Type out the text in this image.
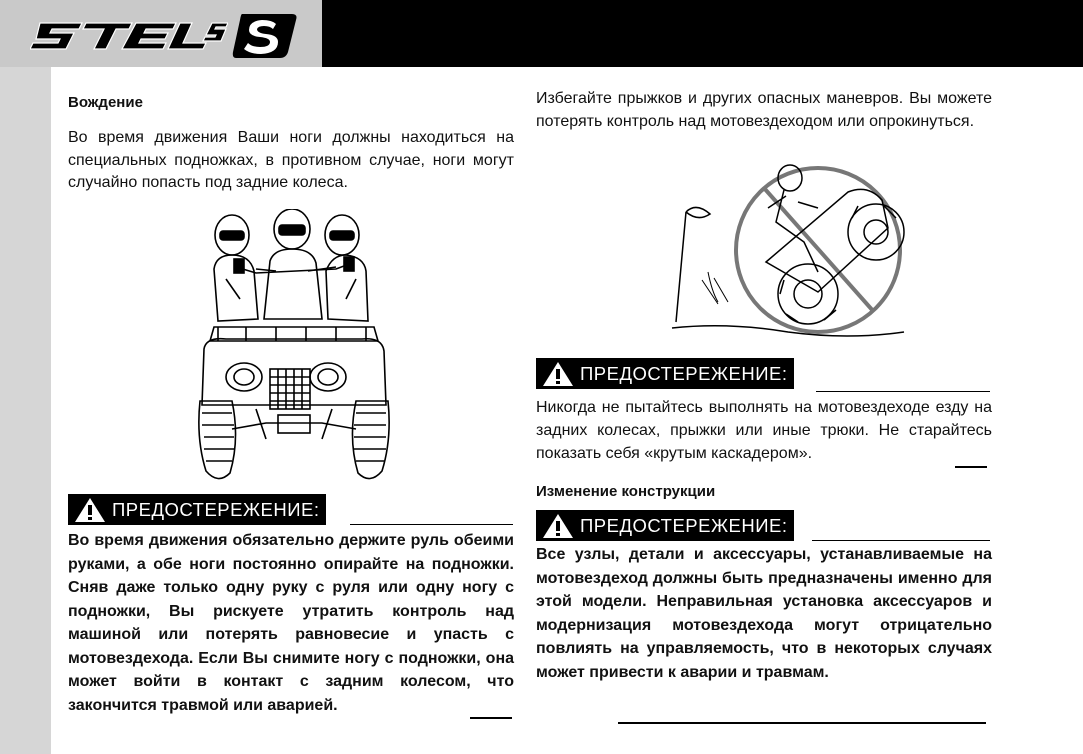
Вождение
Во время движения Ваши ноги должны находиться на специальных подножках, в противном случае, ноги могут случайно попасть под задние колеса.
ПРЕДОСТЕРЕЖЕНИЕ:
Во время движения обязательно держите руль обеими руками, а обе ноги постоянно опирайте на подножки. Сняв даже только одну руку с руля или одну ногу с подножки, Вы рискуете утратить контроль над машиной или потерять равновесие и упасть с мотовездехода. Если Вы снимите ногу с подножки, она может войти в контакт с задним колесом, что закончится травмой или аварией.
Избегайте прыжков и других опасных маневров. Вы можете потерять контроль над мотовездеходом или опрокинуться.
ПРЕДОСТЕРЕЖЕНИЕ:
Никогда не пытайтесь выполнять на мотовездеходе езду на задних колесах, прыжки или иные трюки. Не старайтесь показать себя «крутым каскадером».
Изменение конструкции
ПРЕДОСТЕРЕЖЕНИЕ:
Все узлы, детали и аксессуары, устанавливаемые на мотовездеход должны быть предназначены именно для этой модели. Неправильная установка аксессуаров и модернизация мотовездехода могут отрицательно повлиять на управляемость, что в некоторых случаях может привести к аварии и травмам.
